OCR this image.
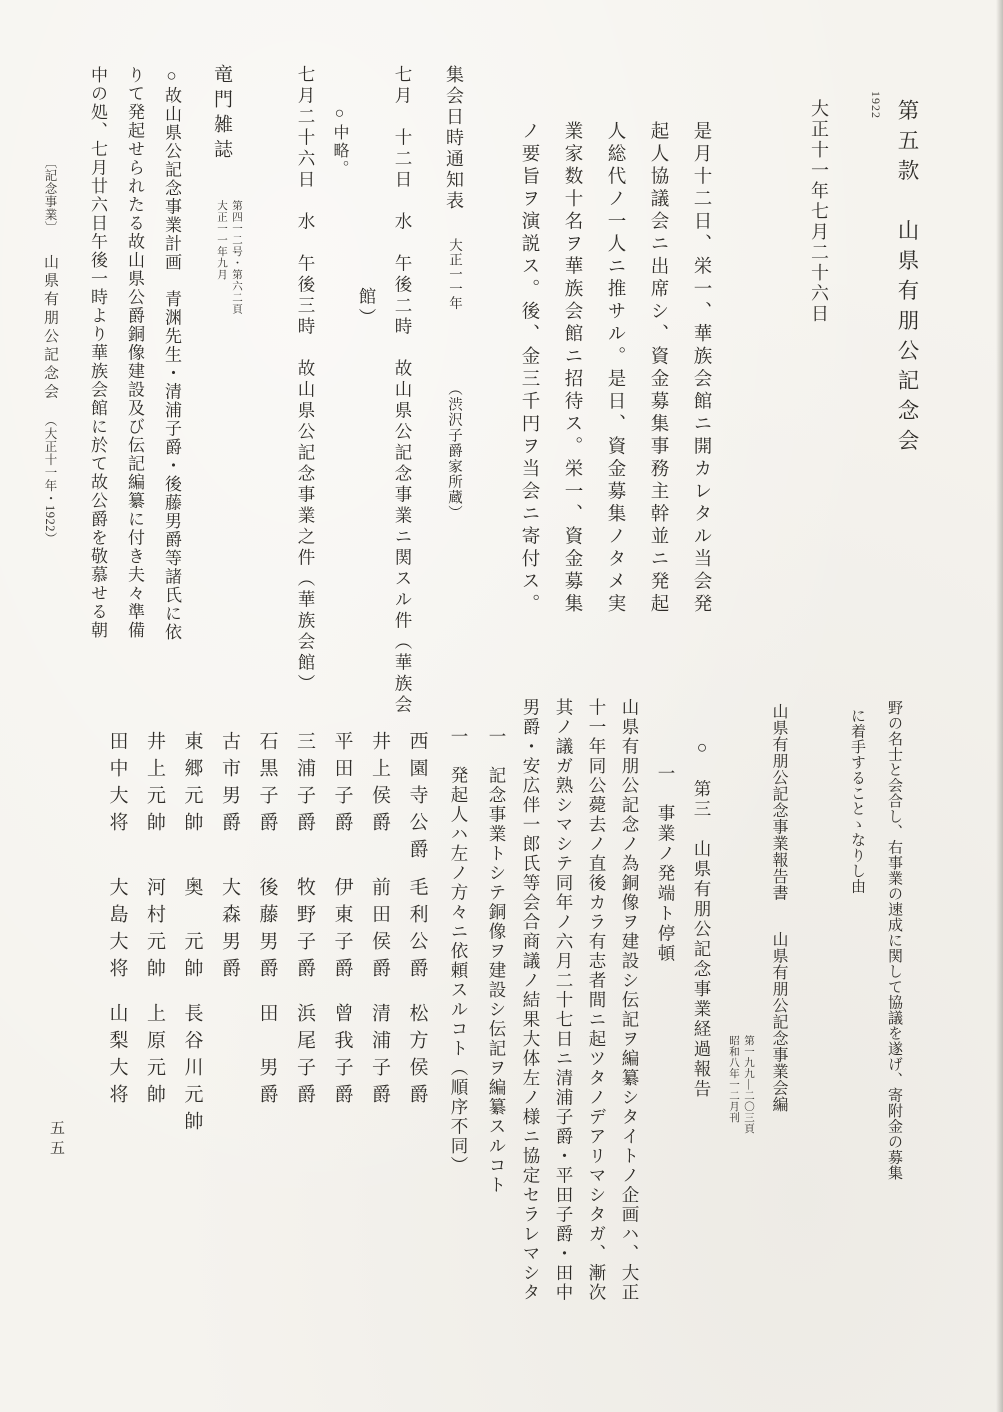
第五款　山県有朋公記念会
1922
大正十一年七月二十六日
是月十二日、栄一、華族会館ニ開カレタル当会発
起人協議会ニ出席シ、資金募集事務主幹並ニ発起
人総代ノ一人ニ推サル。是日、資金募集ノタメ実
業家数十名ヲ華族会館ニ招待ス。栄一、資金募集
ノ要旨ヲ演説ス。後、金三千円ヲ当会ニ寄付ス。
集会日時通知表大正一一年（渋沢子爵家所蔵）
七月　十二日　水　午後二時　故山県公記念事業ニ関スル件（華族会
館）
○中略。
七月二十六日　水　午後三時　故山県公記念事業之件（華族会館）
竜門雑誌
第四一二号・第六二頁
大正一一年九月
○故山県公記念事業計画　青渊先生・清浦子爵・後藤男爵等諸氏に依
りて発起せられたる故山県公爵銅像建設及び伝記編纂に付き夫々準備
中の処、七月廿六日午後一時より華族会館に於て故公爵を敬慕せる朝
〔記念事業〕山県有朋公記念会（大正十一年・1922）
野の名士と会合し、右事業の速成に関して協議を遂げ、寄附金の募集
に着手することゝなりし由
山県有朋公記念事業報告書山県有朋公記念事業会編
第一九九―二〇三頁
昭和八年一二月刊
○　第三　山県有朋公記念事業経過報告
一　事業ノ発端ト停頓
山県有朋公記念ノ為銅像ヲ建設シ伝記ヲ編纂シタイトノ企画ハ、大正
十一年同公薨去ノ直後カラ有志者間ニ起ツタノデアリマシタガ、漸次
其ノ議ガ熟シマシテ同年ノ六月二十七日ニ清浦子爵・平田子爵・田中
男爵・安広伴一郎氏等会合商議ノ結果大体左ノ様ニ協定セラレマシタ
一　記念事業トシテ銅像ヲ建設シ伝記ヲ編纂スルコト
一　発起人ハ左ノ方々ニ依頼スルコト（順序不同）
西園寺公爵
毛利公爵
松方侯爵
井上侯爵
前田侯爵
清浦子爵
平田子爵
伊東子爵
曾我子爵
三浦子爵
牧野子爵
浜尾子爵
石黒子爵
後藤男爵
田　男爵
古市男爵
大森男爵
東郷元帥
奥　元帥
長谷川元帥
井上元帥
河村元帥
上原元帥
田中大将
大島大将
山梨大将
五五
